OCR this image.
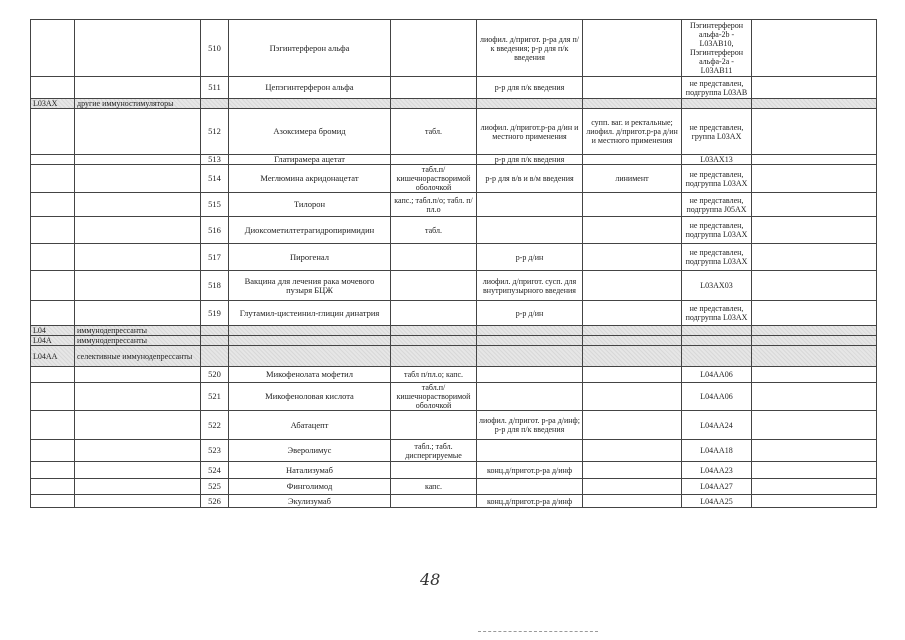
		510	Пэгинтерферон альфа		лиофил. д/пригот. р-ра для п/к введения; р-р для п/к введения		Пэгинтерферон альфа-2b - L03AB10, Пэгинтерферон альфа-2а - L03AB11	
		511	Цепэгинтерферон альфа		р-р для п/к введения		не представлен, подгруппа L03AB	
L03AX	другие иммуностимуляторы							
		512	Азоксимера бромид	табл.	лиофил. д/пригот.р-ра д/ин и местного применения	супп. ваг. и ректальные; лиофил. д/пригот.р-ра д/ин и местного применения	не представлен, группа L03AX	
		513	Глатирамера ацетат		р-р для п/к введения		L03AX13	
		514	Меглюмина акридонацетат	табл.п/кишечнорастворимой оболочкой	р-р для в/в и в/м введения	линимент	не представлен, подгруппа L03AX	
		515	Тилорон	капс.; табл.п/о; табл. п/пл.о			не представлен, подгруппа J05AX	
		516	Диоксометилтетрагидропиримидин	табл.			не представлен, подгруппа L03AX	
		517	Пирогенал		р-р д/ин		не представлен, подгруппа L03AX	
		518	Вакцина для лечения рака мочевого пузыря БЦЖ		лиофил. д/пригот. сусп. для внутрипузырного введения		L03AX03	
		519	Глутамил-цистеинил-глицин динатрия		р-р д/ин		не представлен, подгруппа L03AX	
L04	иммунодепрессанты							
L04A	иммунодепрессанты							
L04AA	селективные иммунодепрессанты							
		520	Микофенолата мофетил	табл п/пл.о; капс.			L04AA06	
		521	Микофеноловая кислота	табл.п/кишечнорастворимой оболочкой			L04AA06	
		522	Абатацепт		лиофил. д/пригот. р-ра д/инф; р-р для п/к введения		L04AA24	
		523	Эверолимус	табл.; табл. диспергируемые			L04AA18	
		524	Натализумаб		конц.д/пригот.р-ра д/инф		L04AA23	
		525	Финголимод	капс.			L04AA27	
		526	Экулизумаб		конц.д/пригот.р-ра д/инф		L04AA25	
48
